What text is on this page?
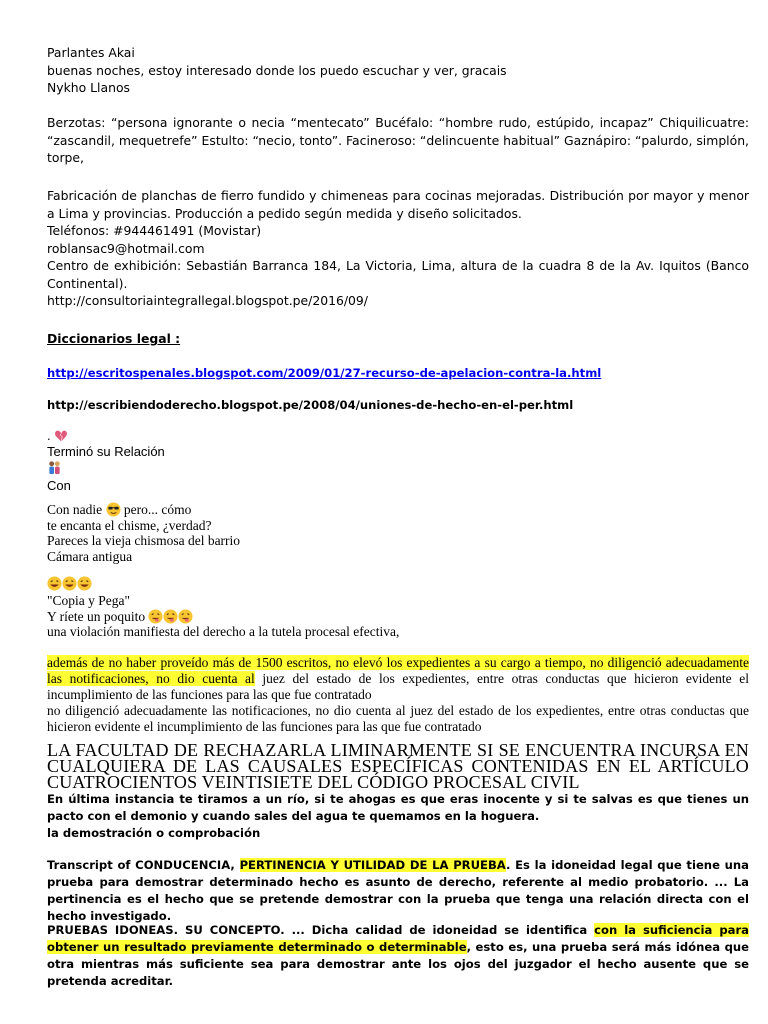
Parlantes Akai

buenas noches, estoy interesado donde los puedo escuchar y ver, gracais

Nykho Llanos

Berzotas: “persona ignorante o necia “mentecato” Bucéfalo: “hombre rudo, estúpido, incapaz” Chiquilicuatre: “zascandil, mequetrefe” Estulto: “necio, tonto”. Facineroso: “delincuente habitual” Gaznápiro: “palurdo, simplón, torpe,

Fabricación de planchas de fierro fundido y chimeneas para cocinas mejoradas. Distribución por mayor y menor a Lima y provincias. Producción a pedido según medida y diseño solicitados.

Teléfonos: #944461491 (Movistar)

roblansac9@hotmail.com

Centro de exhibición: Sebastián Barranca 184, La Victoria, Lima, altura de la cuadra 8 de la Av. Iquitos (Banco Continental).

http://consultoriaintegrallegal.blogspot.pe/2016/09/

Diccionarios legal :

http://escritospenales.blogspot.com/2009/01/27-recurso-de-apelacion-contra-la.html

http://escribiendoderecho.blogspot.pe/2008/04/uniones-de-hecho-en-el-per.html

.

Terminó su Relación

Con

Con nadie  pero... cómo

te encanta el chisme, ¿verdad?

Pareces la vieja chismosa del barrio

Cámara antigua

"Copia y Pega"

Y ríete un poquito

una violación manifiesta del derecho a la tutela procesal efectiva,

además de no haber proveído más de 1500 escritos, no elevó los expedientes a su cargo a tiempo, no diligenció adecuadamente las notificaciones, no dio cuenta al juez del estado de los expedientes, entre otras conductas que hicieron evidente el incumplimiento de las funciones para las que fue contratado

no diligenció adecuadamente las notificaciones, no dio cuenta al juez del estado de los expedientes, entre otras conductas que hicieron evidente el incumplimiento de las funciones para las que fue contratado

LA FACULTAD DE RECHAZARLA LIMINARMENTE SI SE ENCUENTRA INCURSA EN CUALQUIERA DE LAS CAUSALES ESPECÍFICAS CONTENIDAS EN EL ARTÍCULO CUATROCIENTOS VEINTISIETE DEL CÓDIGO PROCESAL CIVIL

En última instancia te tiramos a un río, si te ahogas es que eras inocente y si te salvas es que tienes un pacto con el demonio y cuando sales del agua te quemamos en la hoguera.

la demostración o comprobación

Transcript of CONDUCENCIA, PERTINENCIA Y UTILIDAD DE LA PRUEBA. Es la idoneidad legal que tiene una prueba para demostrar determinado hecho es asunto de derecho, referente al medio probatorio. ... La pertinencia es el hecho que se pretende demostrar con la prueba que tenga una relación directa con el hecho investigado.

PRUEBAS IDONEAS. SU CONCEPTO. ... Dicha calidad de idoneidad se identifica con la suficiencia para obtener un resultado previamente determinado o determinable, esto es, una prueba será más idónea que otra mientras más suficiente sea para demostrar ante los ojos del juzgador el hecho ausente que se pretenda acreditar.
